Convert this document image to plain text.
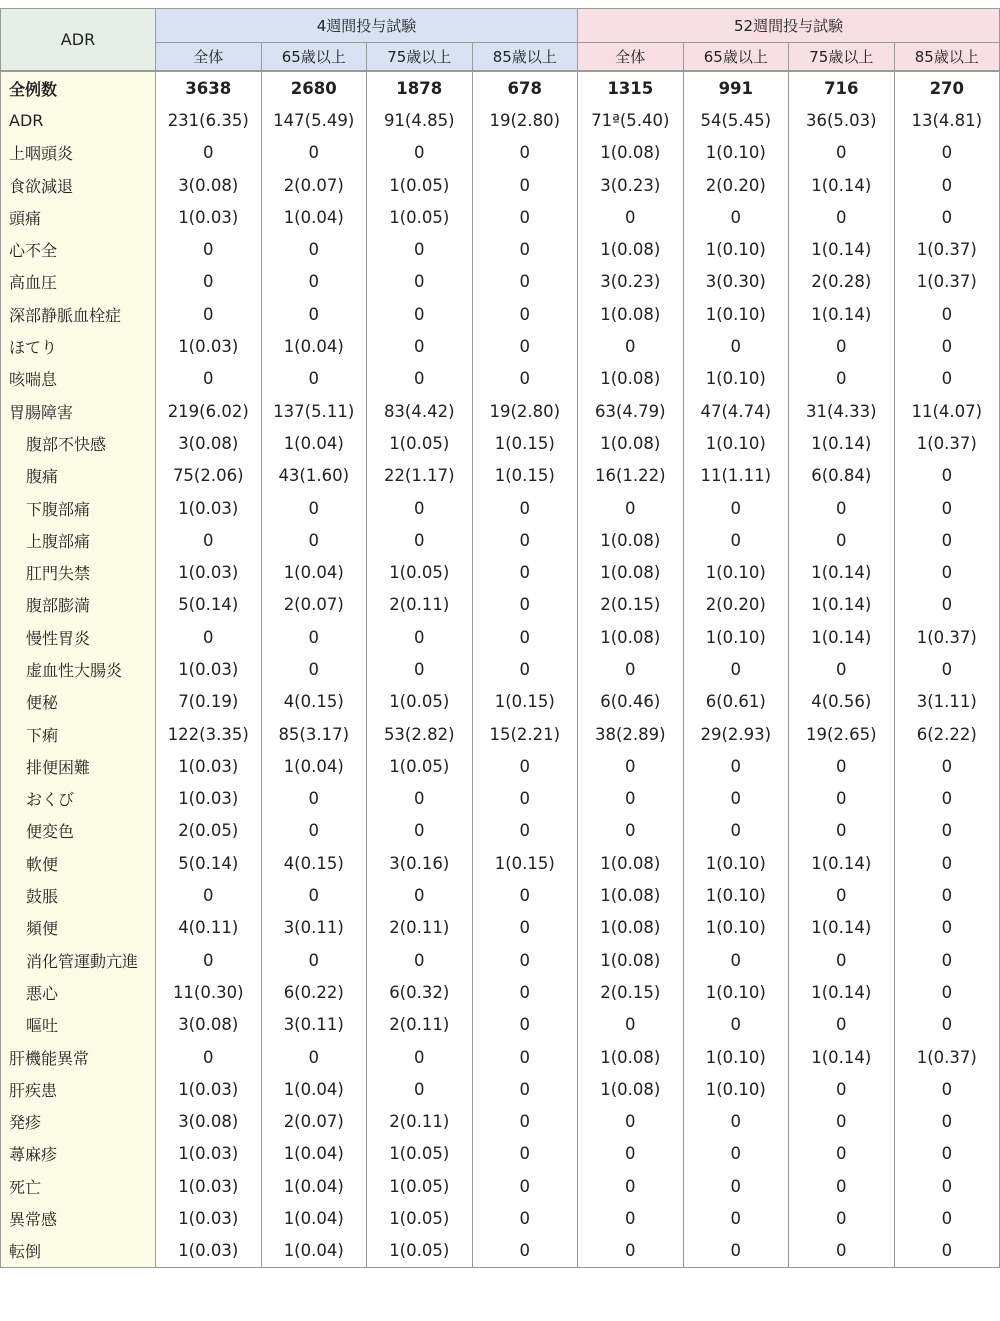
ADR	4週間投与試験				52週間投与試験			
	全体	65歳以上	75歳以上	85歳以上	全体	65歳以上	75歳以上	85歳以上
全例数	3638	2680	1878	678	1315	991	716	270
ADR	231(6.35)	147(5.49)	91(4.85)	19(2.80)	71ª(5.40)	54(5.45)	36(5.03)	13(4.81)
上咽頭炎	0	0	0	0	1(0.08)	1(0.10)	0	0
食欲減退	3(0.08)	2(0.07)	1(0.05)	0	3(0.23)	2(0.20)	1(0.14)	0
頭痛	1(0.03)	1(0.04)	1(0.05)	0	0	0	0	0
心不全	0	0	0	0	1(0.08)	1(0.10)	1(0.14)	1(0.37)
高血圧	0	0	0	0	3(0.23)	3(0.30)	2(0.28)	1(0.37)
深部静脈血栓症	0	0	0	0	1(0.08)	1(0.10)	1(0.14)	0
ほてり	1(0.03)	1(0.04)	0	0	0	0	0	0
咳喘息	0	0	0	0	1(0.08)	1(0.10)	0	0
胃腸障害	219(6.02)	137(5.11)	83(4.42)	19(2.80)	63(4.79)	47(4.74)	31(4.33)	11(4.07)
腹部不快感	3(0.08)	1(0.04)	1(0.05)	1(0.15)	1(0.08)	1(0.10)	1(0.14)	1(0.37)
腹痛	75(2.06)	43(1.60)	22(1.17)	1(0.15)	16(1.22)	11(1.11)	6(0.84)	0
下腹部痛	1(0.03)	0	0	0	0	0	0	0
上腹部痛	0	0	0	0	1(0.08)	0	0	0
肛門失禁	1(0.03)	1(0.04)	1(0.05)	0	1(0.08)	1(0.10)	1(0.14)	0
腹部膨満	5(0.14)	2(0.07)	2(0.11)	0	2(0.15)	2(0.20)	1(0.14)	0
慢性胃炎	0	0	0	0	1(0.08)	1(0.10)	1(0.14)	1(0.37)
虚血性大腸炎	1(0.03)	0	0	0	0	0	0	0
便秘	7(0.19)	4(0.15)	1(0.05)	1(0.15)	6(0.46)	6(0.61)	4(0.56)	3(1.11)
下痢	122(3.35)	85(3.17)	53(2.82)	15(2.21)	38(2.89)	29(2.93)	19(2.65)	6(2.22)
排便困難	1(0.03)	1(0.04)	1(0.05)	0	0	0	0	0
おくび	1(0.03)	0	0	0	0	0	0	0
便変色	2(0.05)	0	0	0	0	0	0	0
軟便	5(0.14)	4(0.15)	3(0.16)	1(0.15)	1(0.08)	1(0.10)	1(0.14)	0
鼓脹	0	0	0	0	1(0.08)	1(0.10)	0	0
頻便	4(0.11)	3(0.11)	2(0.11)	0	1(0.08)	1(0.10)	1(0.14)	0
消化管運動亢進	0	0	0	0	1(0.08)	0	0	0
悪心	11(0.30)	6(0.22)	6(0.32)	0	2(0.15)	1(0.10)	1(0.14)	0
嘔吐	3(0.08)	3(0.11)	2(0.11)	0	0	0	0	0
肝機能異常	0	0	0	0	1(0.08)	1(0.10)	1(0.14)	1(0.37)
肝疾患	1(0.03)	1(0.04)	0	0	1(0.08)	1(0.10)	0	0
発疹	3(0.08)	2(0.07)	2(0.11)	0	0	0	0	0
蕁麻疹	1(0.03)	1(0.04)	1(0.05)	0	0	0	0	0
死亡	1(0.03)	1(0.04)	1(0.05)	0	0	0	0	0
異常感	1(0.03)	1(0.04)	1(0.05)	0	0	0	0	0
転倒	1(0.03)	1(0.04)	1(0.05)	0	0	0	0	0
